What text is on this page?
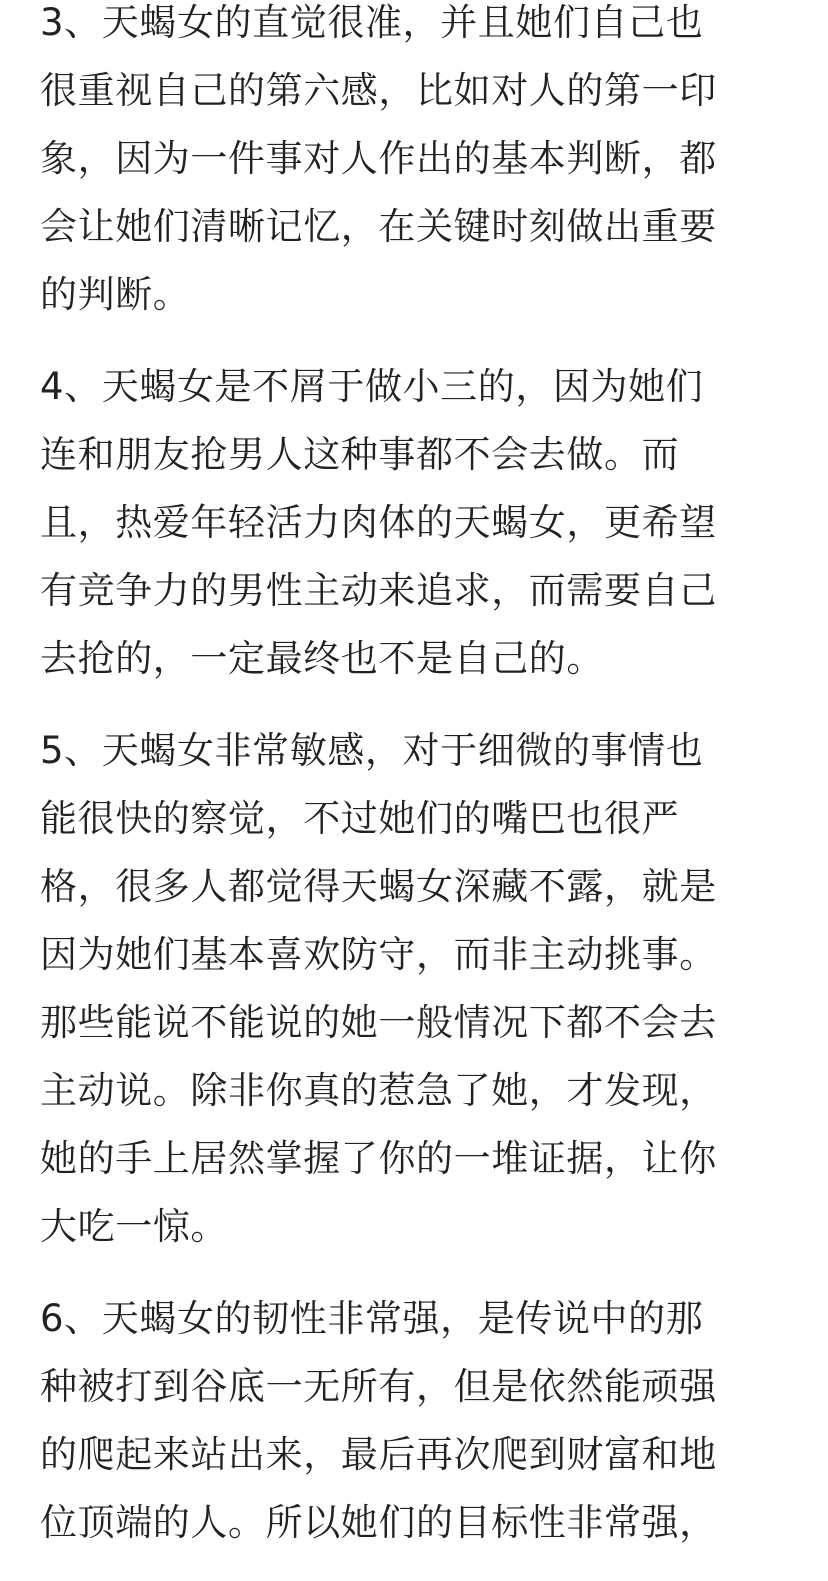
3、天蝎女的直觉很准，并且她们自己也
很重视自己的第六感，比如对人的第一印
象，因为一件事对人作出的基本判断，都
会让她们清晰记忆，在关键时刻做出重要
的判断。
4、天蝎女是不屑于做小三的，因为她们
连和朋友抢男人这种事都不会去做。而
且，热爱年轻活力肉体的天蝎女，更希望
有竞争力的男性主动来追求，而需要自己
去抢的，一定最终也不是自己的。
5、天蝎女非常敏感，对于细微的事情也
能很快的察觉，不过她们的嘴巴也很严
格，很多人都觉得天蝎女深藏不露，就是
因为她们基本喜欢防守，而非主动挑事。
那些能说不能说的她一般情况下都不会去
主动说。除非你真的惹急了她，才发现，
她的手上居然掌握了你的一堆证据，让你
大吃一惊。
6、天蝎女的韧性非常强，是传说中的那
种被打到谷底一无所有，但是依然能顽强
的爬起来站出来，最后再次爬到财富和地
位顶端的人。所以她们的目标性非常强，
